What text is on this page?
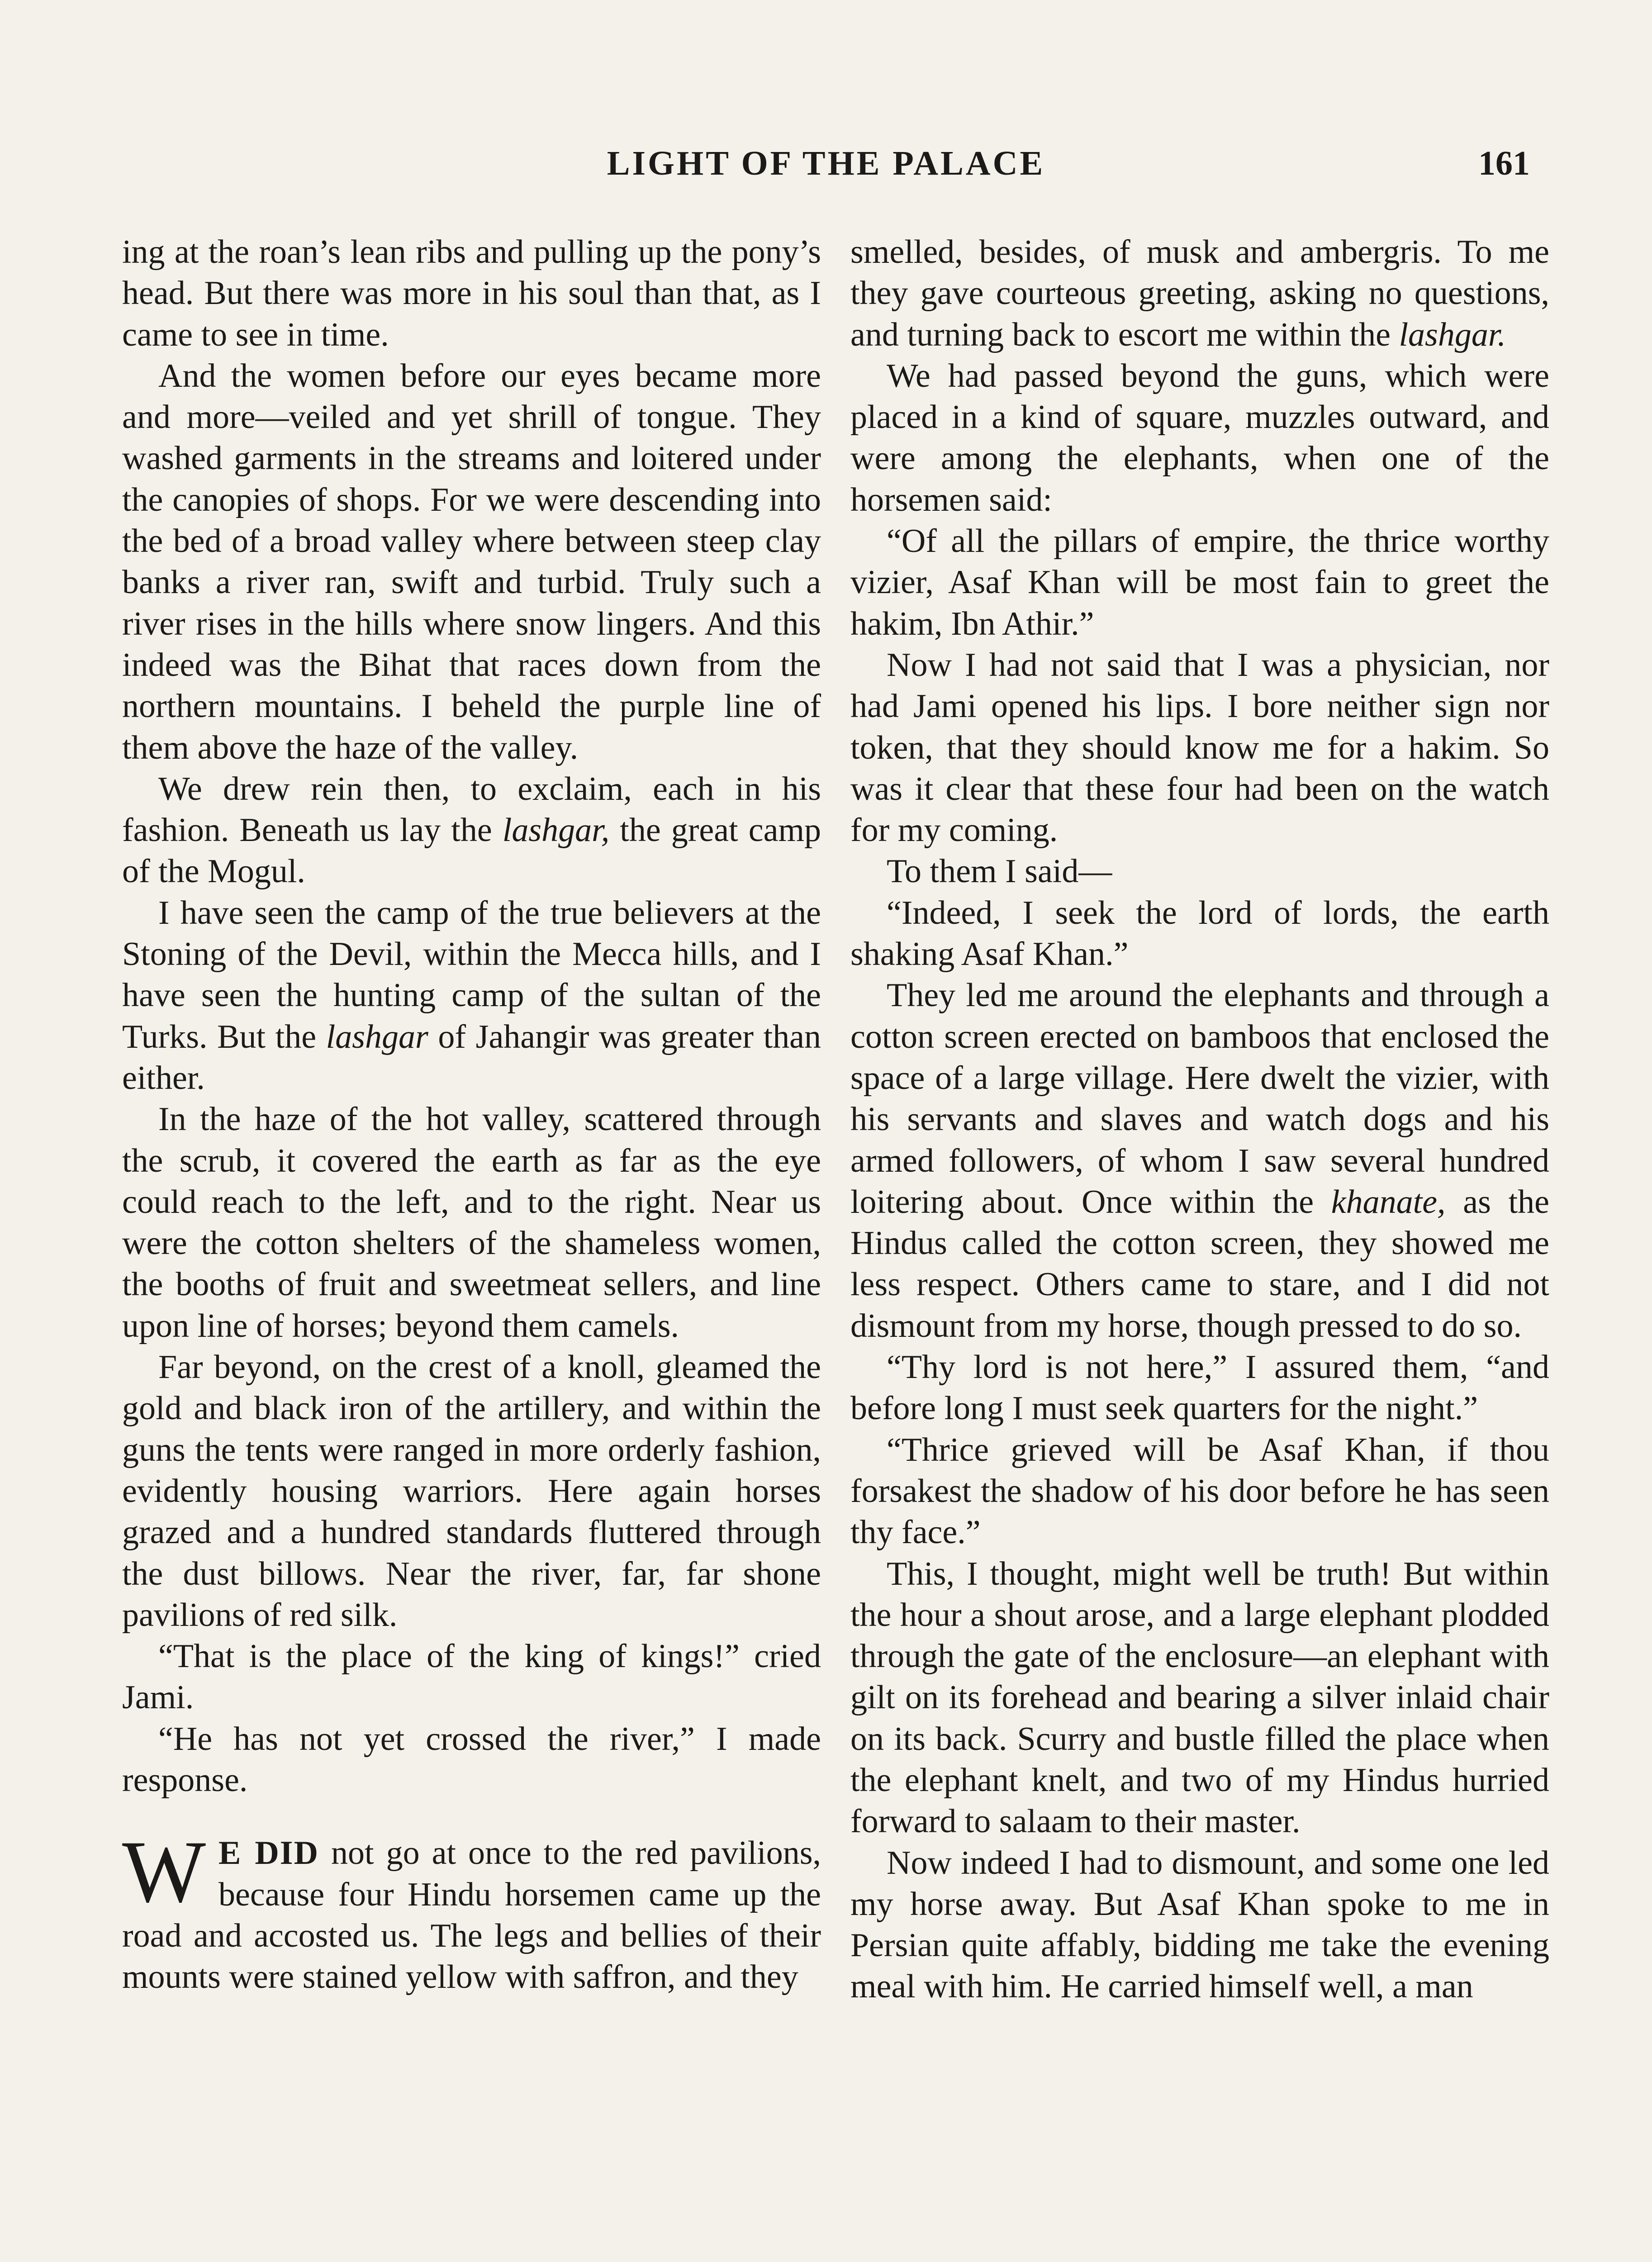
LIGHT OF THE PALACE	161

ing at the roan’s lean ribs and pulling up the pony’s head. But there was more in his soul than that, as I came to see in time.

And the women before our eyes became more and more—veiled and yet shrill of tongue. They washed garments in the streams and loitered under the canopies of shops. For we were descending into the bed of a broad valley where between steep clay banks a river ran, swift and turbid. Truly such a river rises in the hills where snow lingers. And this indeed was the Bihat that races down from the northern mountains. I beheld the purple line of them above the haze of the valley.

We drew rein then, to exclaim, each in his fashion. Beneath us lay the lashgar, the great camp of the Mogul.

I have seen the camp of the true believers at the Stoning of the Devil, within the Mecca hills, and I have seen the hunting camp of the sultan of the Turks. But the lashgar of Jahangir was greater than either.

In the haze of the hot valley, scattered through the scrub, it covered the earth as far as the eye could reach to the left, and to the right. Near us were the cotton shelters of the shameless women, the booths of fruit and sweetmeat sellers, and line upon line of horses; beyond them camels.

Far beyond, on the crest of a knoll, gleamed the gold and black iron of the artillery, and within the guns the tents were ranged in more orderly fashion, evidently housing warriors. Here again horses grazed and a hundred standards fluttered through the dust billows. Near the river, far, far shone pavilions of red silk.

“That is the place of the king of kings!” cried Jami.

“He has not yet crossed the river,” I made response.

W E DID not go at once to the red pavilions, because four Hindu horsemen came up the road and accosted us. The legs and bellies of their mounts were stained yellow with saffron, and they

smelled, besides, of musk and ambergris. To me they gave courteous greeting, asking no questions, and turning back to escort me within the lashgar.

We had passed beyond the guns, which were placed in a kind of square, muzzles outward, and were among the elephants, when one of the horsemen said:

“Of all the pillars of empire, the thrice worthy vizier, Asaf Khan will be most fain to greet the hakim, Ibn Athir.”

Now I had not said that I was a physician, nor had Jami opened his lips. I bore neither sign nor token, that they should know me for a hakim. So was it clear that these four had been on the watch for my coming.

To them I said—

“Indeed, I seek the lord of lords, the earth shaking Asaf Khan.”

They led me around the elephants and through a cotton screen erected on bamboos that enclosed the space of a large village. Here dwelt the vizier, with his servants and slaves and watch dogs and his armed followers, of whom I saw several hundred loitering about. Once within the khanate, as the Hindus called the cotton screen, they showed me less respect. Others came to stare, and I did not dismount from my horse, though pressed to do so.

“Thy lord is not here,” I assured them, “and before long I must seek quarters for the night.”

“Thrice grieved will be Asaf Khan, if thou forsakest the shadow of his door before he has seen thy face.”

This, I thought, might well be truth! But within the hour a shout arose, and a large elephant plodded through the gate of the enclosure—an elephant with gilt on its forehead and bearing a silver inlaid chair on its back. Scurry and bustle filled the place when the elephant knelt, and two of my Hindus hurried forward to salaam to their master.

Now indeed I had to dismount, and some one led my horse away. But Asaf Khan spoke to me in Persian quite affably, bidding me take the evening meal with him. He carried himself well, a man
